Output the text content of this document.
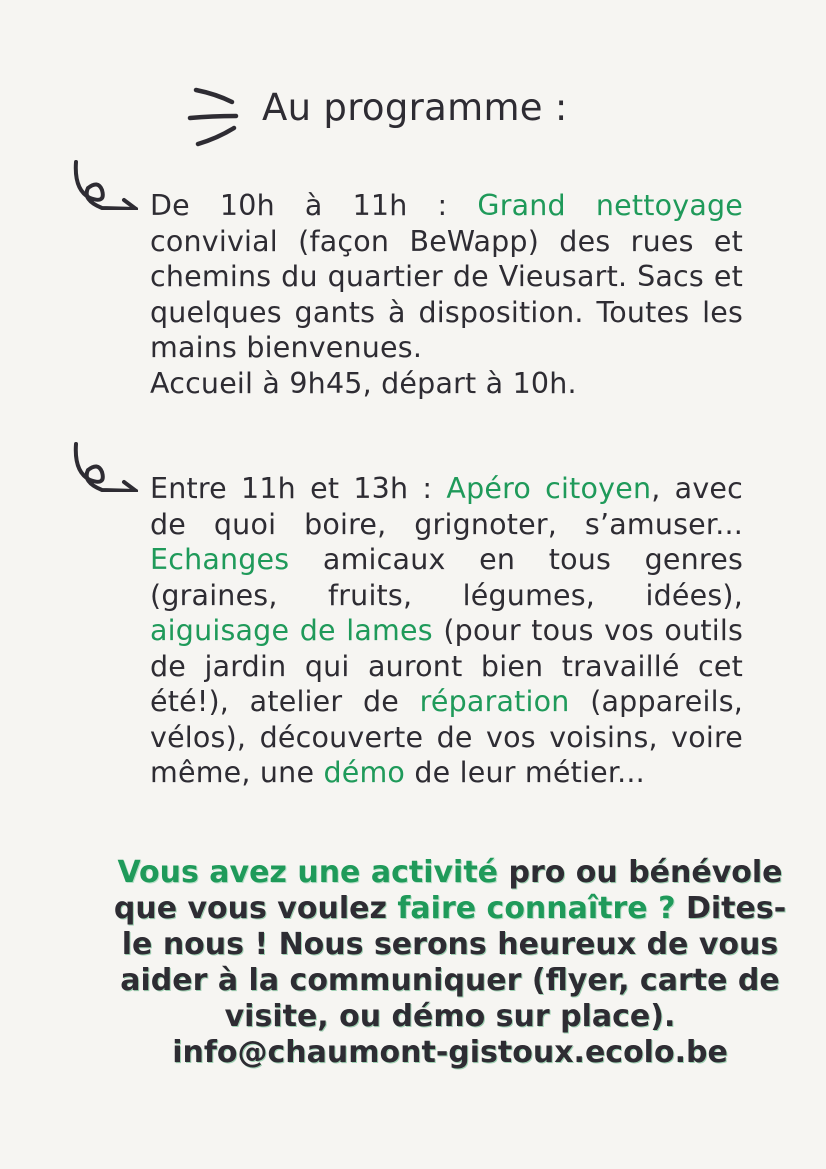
Au programme :

De 10h à 11h : Grand nettoyage convivial (façon BeWapp) des rues et chemins du quartier de Vieusart. Sacs et quelques gants à disposition. Toutes les mains bienvenues.

Accueil à 9h45, départ à 10h.

Entre 11h et 13h : Apéro citoyen, avec de quoi boire, grignoter, s’amuser... Echanges amicaux en tous genres (graines, fruits, légumes, idées), aiguisage de lames (pour tous vos outils de jardin qui auront bien travaillé cet été!), atelier de réparation (appareils, vélos), découverte de vos voisins, voire même, une démo de leur métier...

Vous avez une activité pro ou bénévole que vous voulez faire connaître ? Dites-le nous ! Nous serons heureux de vous aider à la communiquer (flyer, carte de visite, ou démo sur place).
info@chaumont-gistoux.ecolo.be
